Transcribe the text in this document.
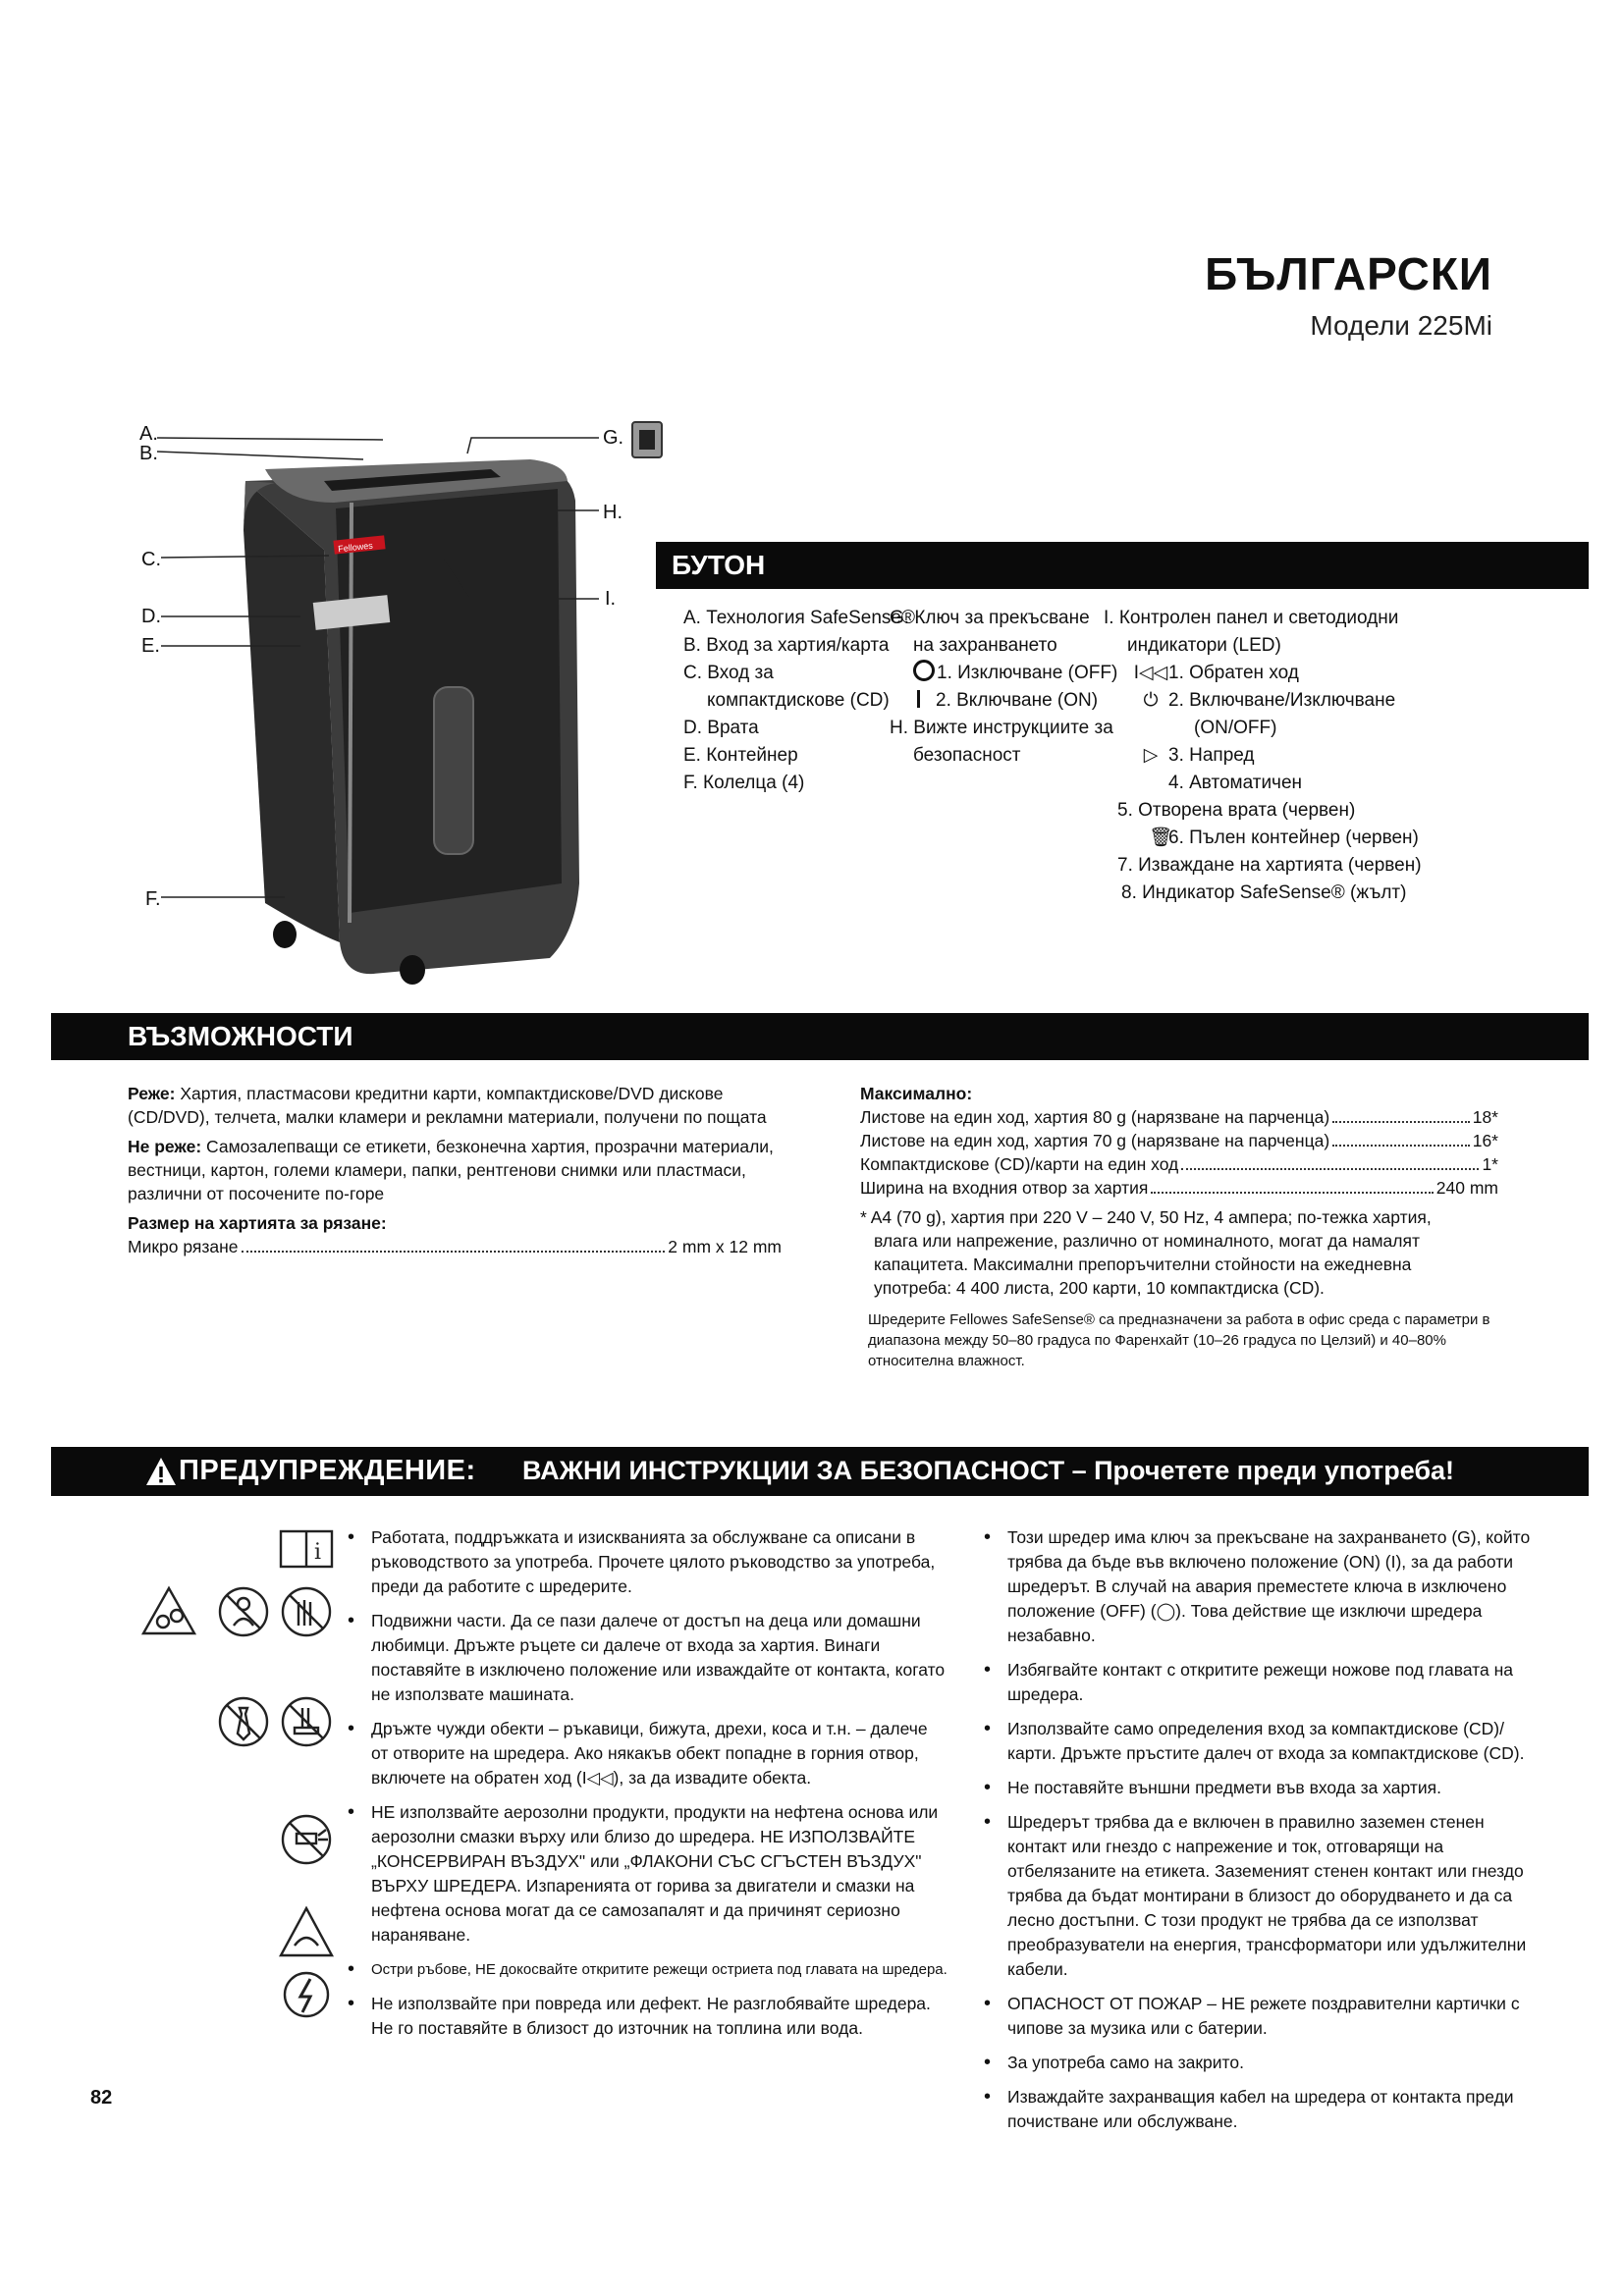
БЪЛГАРСКИ
Модели 225Mi
Fellowes
A.
B.
C.
D.
E.
F.
G.
H.
I.
БУТОН
A. Технология SafeSense®
B. Вход за хартия/карта
C. Вход за
компактдискове (CD)
D. Врата
E. Контейнер
F. Колелца (4)
G. Ключ за прекъсване
на захранването
1. Изключване (OFF)
2. Включване (ON)
H. Вижте инструкциите за
безопасност
I. Контролен панел и светодиодни
индикатори (LED)
I◁◁1. Обратен ход
⏻ 2. Включване/Изключване
(ON/OFF)
▷ 3. Напред
4. Автоматичен
5. Отворена врата (червен)
🗑6. Пълен контейнер (червен)
7. Изваждане на хартията (червен)
8. Индикатор SafeSense® (жълт)
ВЪЗМОЖНОСТИ
Реже: Хартия, пластмасови кредитни карти, компактдискове/DVD дискове (CD/DVD), телчета, малки кламери и рекламни материали, получени по пощата
Не реже: Самозалепващи се етикети, безконечна хартия, прозрачни материали, вестници, картон, големи кламери, папки, рентгенови снимки или пластмаси, различни от посочените по-горе
Размер на хартията за рязане:
Микро рязане	2 mm x 12 mm
Максимално:
Листове на един ход, хартия 80 g (нарязване на парченца)	18*
Листове на един ход, хартия 70 g (нарязване на парченца)	16*
Компактдискове (CD)/карти на един ход	1*
Ширина на входния отвор за хартия	240 mm
* A4 (70 g), хартия при 220 V – 240 V, 50 Hz, 4 ампера; по-тежка хартия, влага или напрежение, различно от номиналното, могат да намалят капацитета. Максимални препоръчителни стойности на ежедневна употреба: 4 400 листа, 200 карти, 10 компактдиска (CD).
Шредерите Fellowes SafeSense® са предназначени за работа в офис среда с параметри в диапазона между 50–80 градуса по Фаренхайт (10–26 градуса по Целзий) и 40–80% относителна влажност.
ПРЕДУПРЕЖДЕНИЕ: ВАЖНИ ИНСТРУКЦИИ ЗА БЕЗОПАСНОСТ – Прочетете преди употреба!
i
• Работата, поддръжката и изискванията за обслужване са описани в ръководството за употреба. Прочете цялото ръководство за употреба, преди да работите с шредерите.
• Подвижни части. Да се пази далече от достъп на деца или домашни любимци. Дръжте ръцете си далече от входа за хартия. Винаги поставяйте в изключено положение или изваждайте от контакта, когато не използвате машината.
• Дръжте чужди обекти – ръкавици, бижута, дрехи, коса и т.н. – далече от отворите на шредера. Ако някакъв обект попадне в горния отвор, включете на обратен ход (I◁◁), за да извадите обекта.
• НЕ използвайте аерозолни продукти, продукти на нефтена основа или аерозолни смазки върху или близо до шредера. НЕ ИЗПОЛЗВАЙТЕ „КОНСЕРВИРАН ВЪЗДУХ" или „ФЛАКОНИ СЪС СГЪСТЕН ВЪЗДУХ" ВЪРХУ ШРЕДЕРА. Изпаренията от горива за двигатели и смазки на нефтена основа могат да се самозапалят и да причинят сериозно нараняване.
• Остри ръбове, НЕ докосвайте откритите режещи остриета под главата на шредера.
• Не използвайте при повреда или дефект. Не разглобявайте шредера. Не го поставяйте в близост до източник на топлина или вода.
• Този шредер има ключ за прекъсване на захранването (G), който трябва да бъде във включено положение (ON) (I), за да работи шредерът. В случай на авария преместете ключа в изключено положение (OFF) (◯). Това действие ще изключи шредера незабавно.
• Избягвайте контакт с откритите режещи ножове под главата на шредера.
• Използвайте само определения вход за компактдискове (CD)/карти. Дръжте пръстите далеч от входа за компактдискове (CD).
• Не поставяйте външни предмети във входа за хартия.
• Шредерът трябва да е включен в правилно заземен стенен контакт или гнездо с напрежение и ток, отговарящи на отбелязаните на етикета. Заземеният стенен контакт или гнездо трябва да бъдат монтирани в близост до оборудването и да са лесно достъпни. С този продукт не трябва да се използват преобразуватели на енергия, трансформатори или удължителни кабели.
• ОПАСНОСТ ОТ ПОЖАР – НЕ режете поздравителни картички с чипове за музика или с батерии.
• За употреба само на закрито.
• Изваждайте захранващия кабел на шредера от контакта преди почистване или обслужване.
82
